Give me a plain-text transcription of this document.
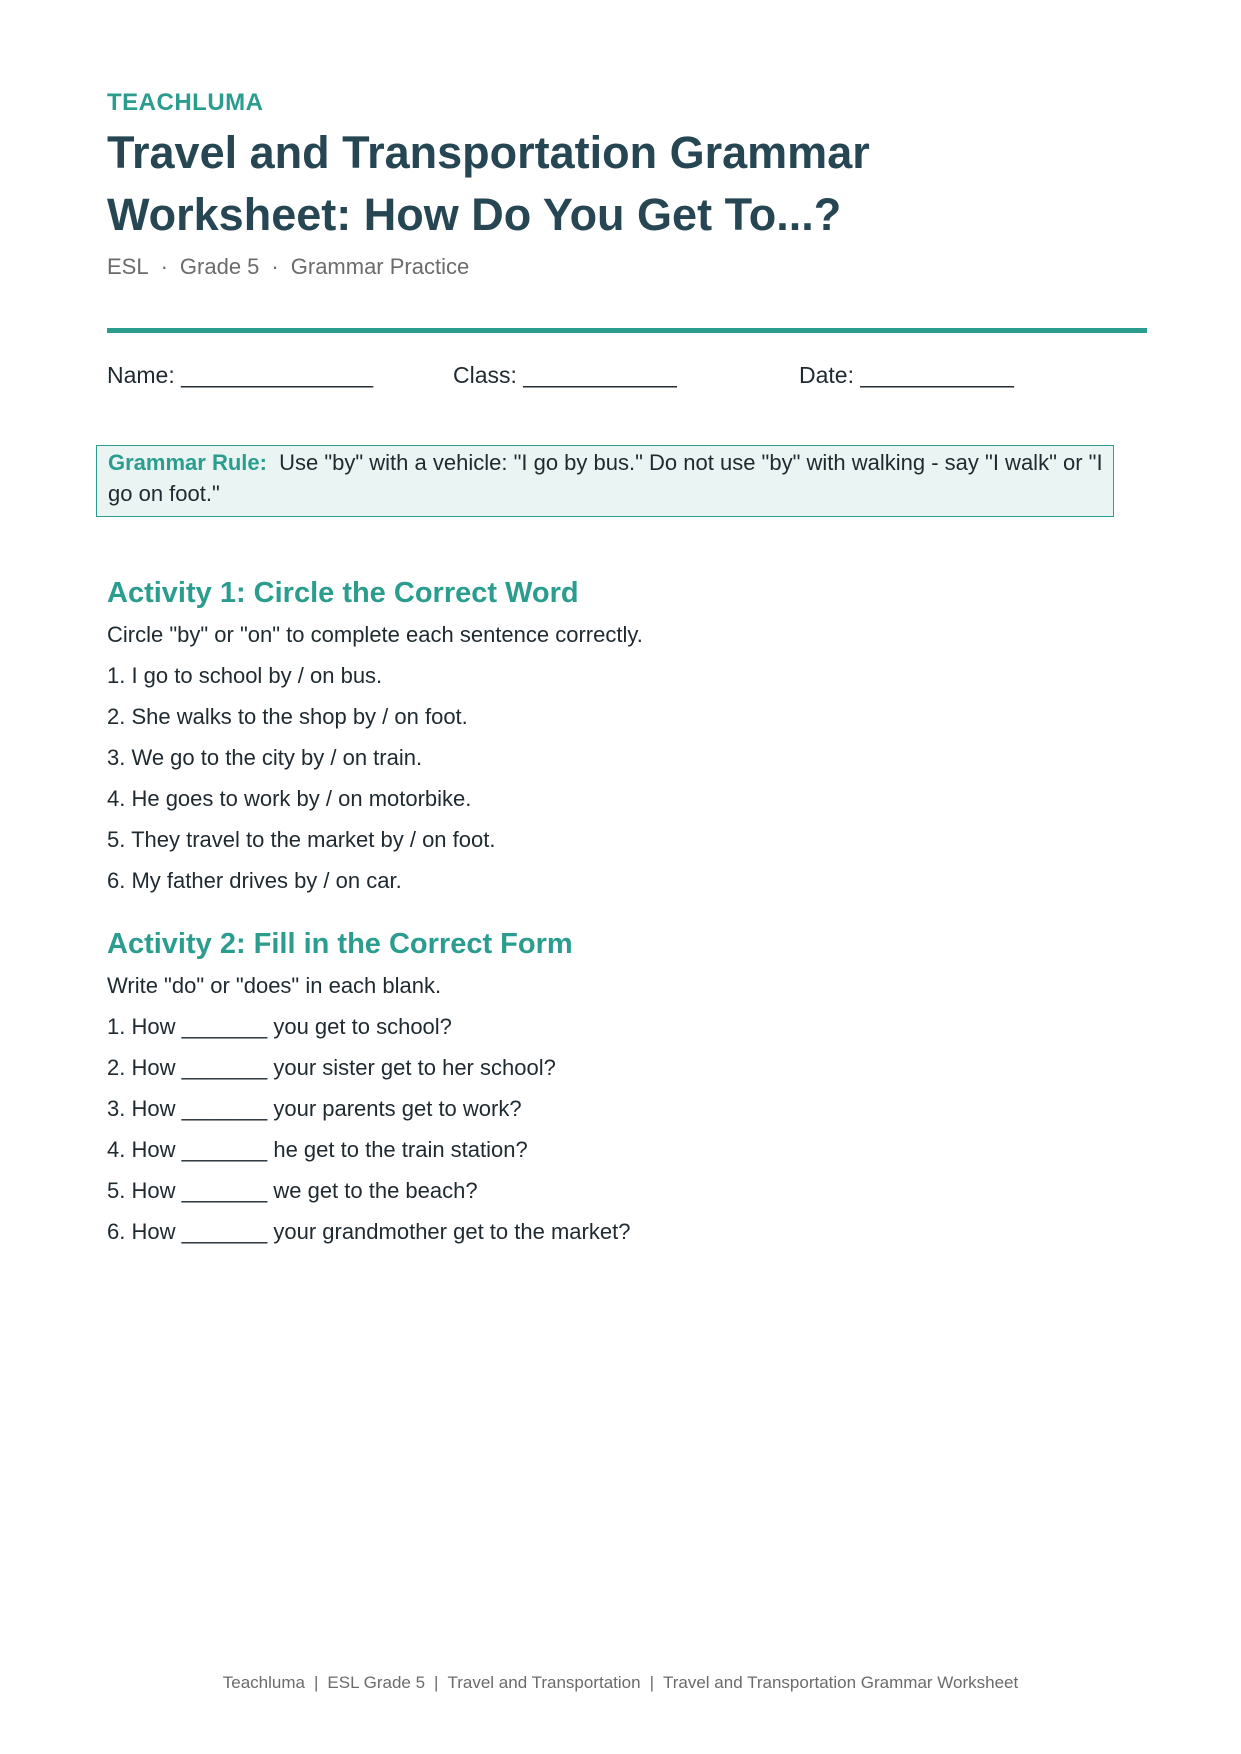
TEACHLUMA
Travel and Transportation Grammar Worksheet: How Do You Get To...?
ESL · Grade 5 · Grammar Practice
Name: _______________	Class: ____________	Date: ____________
Grammar Rule: Use "by" with a vehicle: "I go by bus." Do not use "by" with walking - say "I walk" or "I go on foot."
Activity 1: Circle the Correct Word
Circle "by" or "on" to complete each sentence correctly.
1. I go to school by / on bus.
2. She walks to the shop by / on foot.
3. We go to the city by / on train.
4. He goes to work by / on motorbike.
5. They travel to the market by / on foot.
6. My father drives by / on car.
Activity 2: Fill in the Correct Form
Write "do" or "does" in each blank.
1. How _______ you get to school?
2. How _______ your sister get to her school?
3. How _______ your parents get to work?
4. How _______ he get to the train station?
5. How _______ we get to the beach?
6. How _______ your grandmother get to the market?
Teachluma | ESL Grade 5 | Travel and Transportation | Travel and Transportation Grammar Worksheet
